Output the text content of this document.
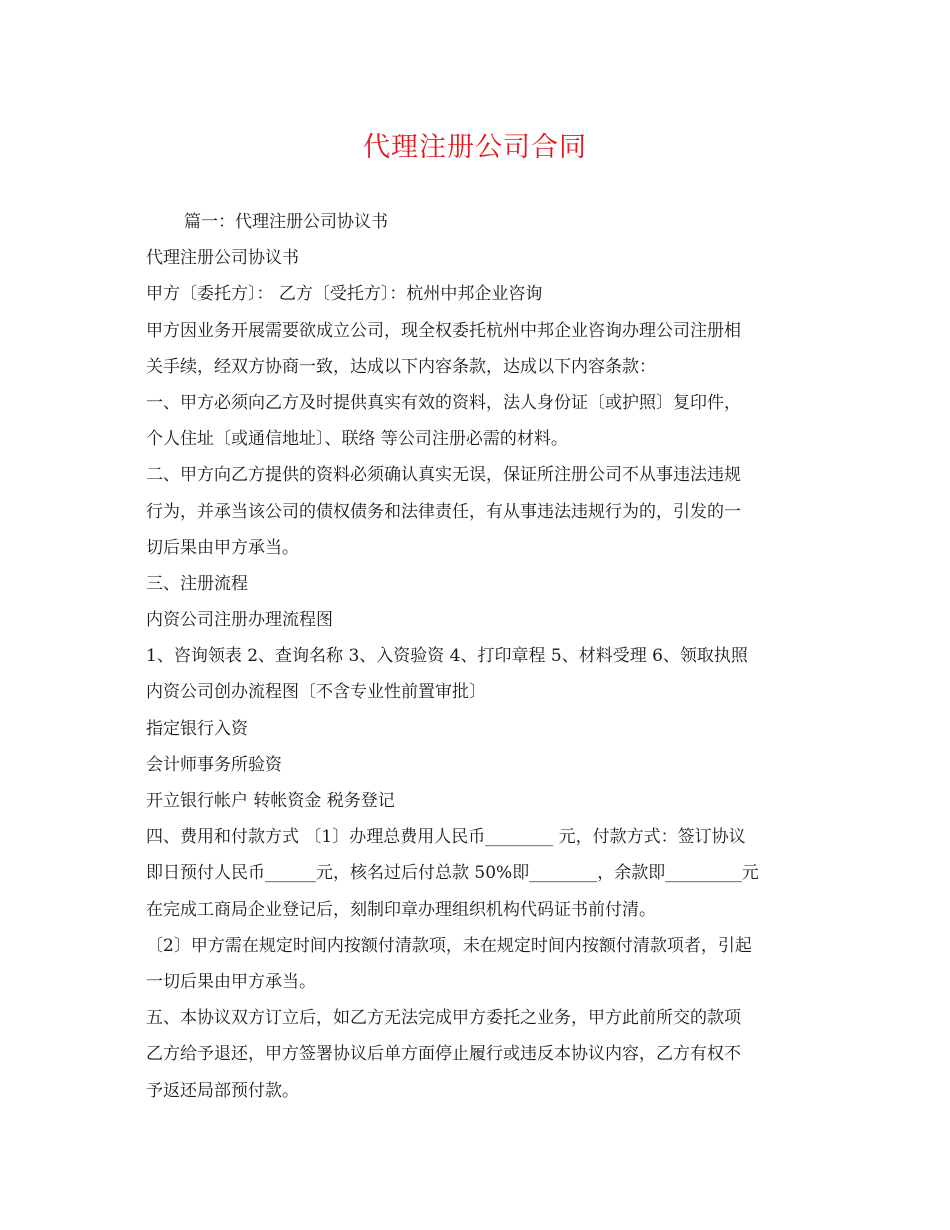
代理注册公司合同
篇一：代理注册公司协议书
代理注册公司协议书
甲方〔委托方〕： 乙方〔受托方〕：杭州中邦企业咨询
甲方因业务开展需要欲成立公司，现全权委托杭州中邦企业咨询办理公司注册相
关手续，经双方协商一致，达成以下内容条款，达成以下内容条款：
一、甲方必须向乙方及时提供真实有效的资料，法人身份证〔或护照〕复印件，
个人住址〔或通信地址〕、联络 等公司注册必需的材料。
二、甲方向乙方提供的资料必须确认真实无误，保证所注册公司不从事违法违规
行为，并承当该公司的债权债务和法律责任，有从事违法违规行为的，引发的一
切后果由甲方承当。
三、注册流程
内资公司注册办理流程图
1、咨询领表 2、查询名称 3、入资验资 4、打印章程 5、材料受理 6、领取执照
内资公司创办流程图〔不含专业性前置审批〕
指定银行入资
会计师事务所验资
开立银行帐户 转帐资金 税务登记
四、费用和付款方式 〔1〕办理总费用人民币________ 元，付款方式：签订协议
即日预付人民币______元，核名过后付总款 50%即________，余款即_________元
在完成工商局企业登记后，刻制印章办理组织机构代码证书前付清。
〔2〕甲方需在规定时间内按额付清款项，未在规定时间内按额付清款项者，引起
一切后果由甲方承当。
五、本协议双方订立后，如乙方无法完成甲方委托之业务，甲方此前所交的款项
乙方给予退还，甲方签署协议后单方面停止履行或违反本协议内容，乙方有权不
予返还局部预付款。
